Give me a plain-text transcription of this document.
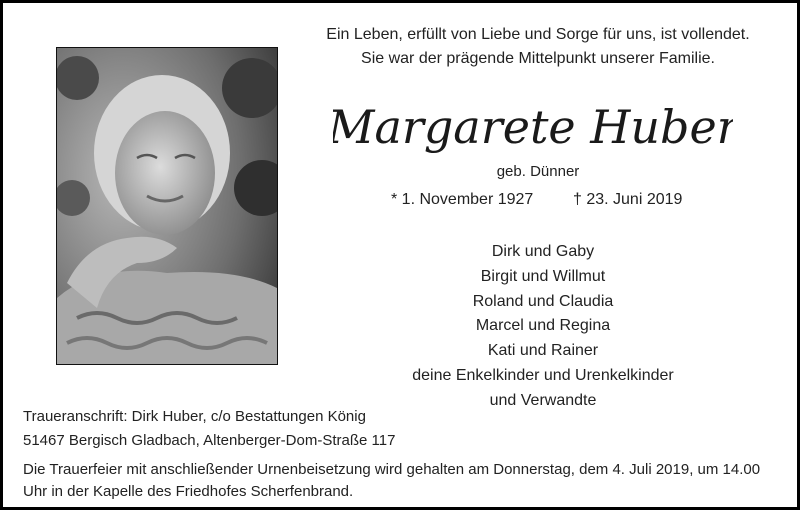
Ein Leben, erfüllt von Liebe und Sorge für uns, ist vollendet.
Sie war der prägende Mittelpunkt unserer Familie.
Margarete Huber
geb. Dünner
* 1. November 1927 † 23. Juni 2019
Dirk und Gaby
Birgit und Willmut
Roland und Claudia
Marcel und Regina
Kati und Rainer
deine Enkelkinder und Urenkelkinder
und Verwandte
Traueranschrift: Dirk Huber, c/o Bestattungen König
51467 Bergisch Gladbach, Altenberger-Dom-Straße 117
Die Trauerfeier mit anschließender Urnenbeisetzung wird gehalten am Donnerstag, dem 4. Juli 2019, um 14.00
Uhr in der Kapelle des Friedhofes Scherfenbrand.
